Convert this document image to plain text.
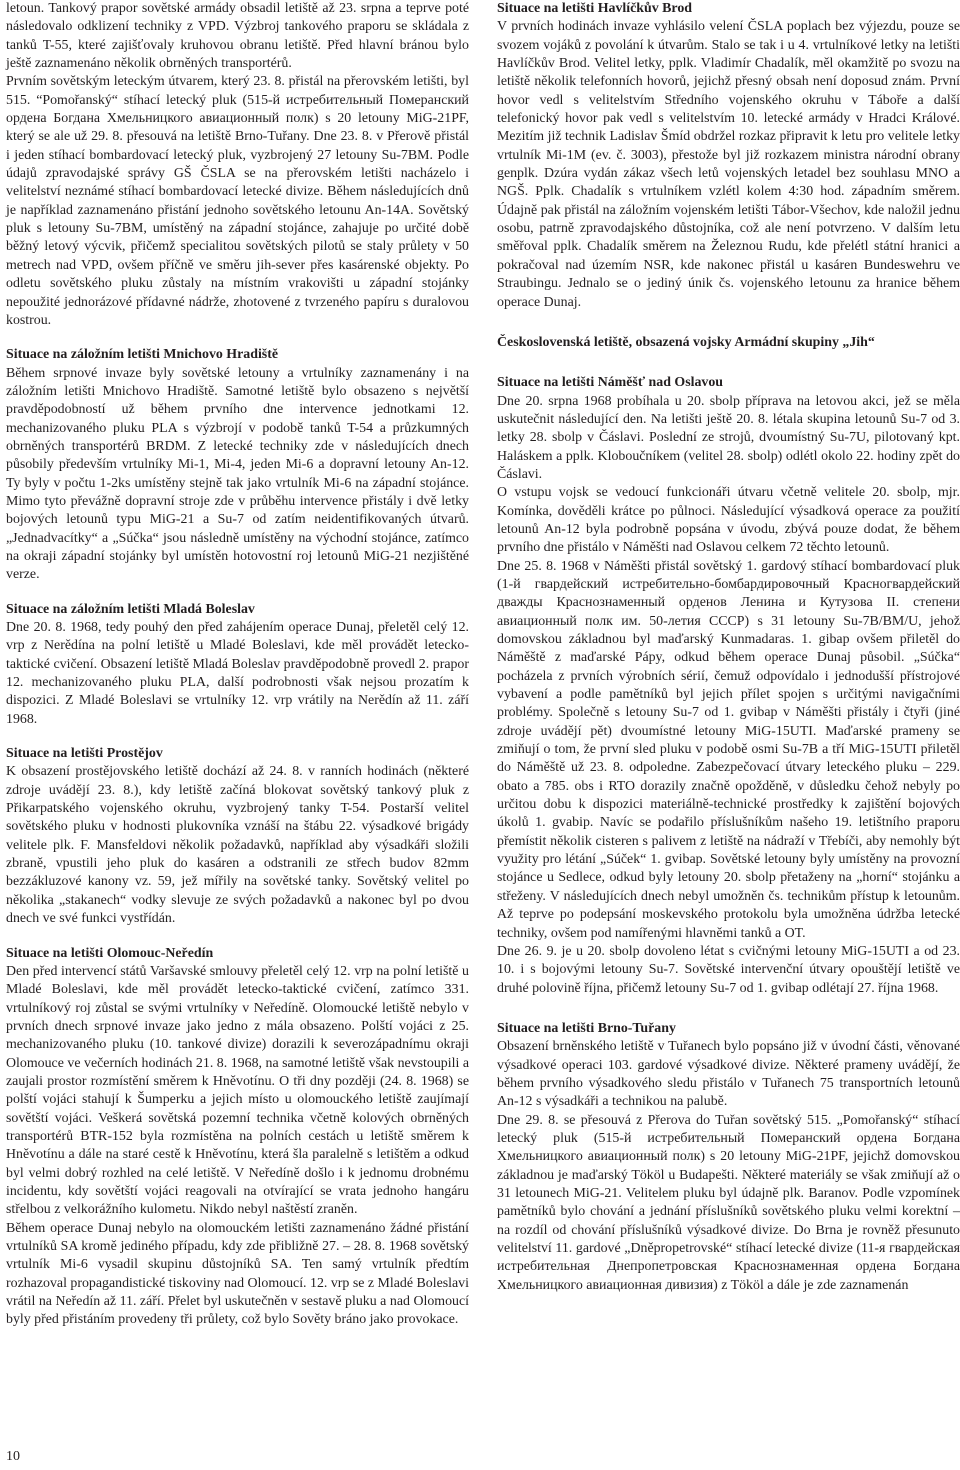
letoun. Tankový prapor sovětské armády obsadil letiště až 23. srpna a teprve poté následovalo odklizení techniky z VPD. Výzbroj tankového praporu se skládala z tanků T-55, které zajišťovaly kruhovou obranu letiště. Před hlavní bránou bylo ještě zaznamenáno několik obrněných transportérů.

Prvním sovětským leteckým útvarem, který 23. 8. přistál na přerovském letišti, byl 515. “Pomořanský“ stíhací letecký pluk (515-й истребительный Померанский ордена Богдана Хмельницкого авиационный полк) s 20 letouny MiG-21PF, který se ale už 29. 8. přesouvá na letiště Brno-Tuřany. Dne 23. 8. v Přerově přistál i jeden stíhací bombardovací letecký pluk, vyzbrojený 27 letouny Su-7BM. Podle údajů zpravodajské správy GŠ ČSLA se na přerovském letišti nacházelo i velitelství neznámé stíhací bombardovací letecké divize. Během následujících dnů je například zaznamenáno přistání jednoho sovětského letounu An-14A. Sovětský pluk s letouny Su-7BM, umístěný na západní stojánce, zahajuje po určité době běžný letový výcvik, přičemž specialitou sovětských pilotů se staly průlety v 50 metrech nad VPD, ovšem příčně ve směru jih-sever přes kasárenské objekty. Po odletu sovětského pluku zůstaly na místním vrakovišti u západní stojánky nepoužité jednorázové přídavné nádrže, zhotovené z tvrzeného papíru s duralovou kostrou.

Situace na záložním letišti Mnichovo Hradiště

Během srpnové invaze byly sovětské letouny a vrtulníky zaznamenány i na záložním letišti Mnichovo Hradiště. Samotné letiště bylo obsazeno s největší pravděpodobností už během prvního dne intervence jednotkami 12. mechanizovaného pluku PLA s výzbrojí v podobě tanků T-54 a průzkumných obrněných transportérů BRDM. Z letecké techniky zde v následujících dnech působily především vrtulníky Mi-1, Mi-4, jeden Mi-6 a dopravní letouny An-12. Ty byly v počtu 1-2ks umístěny stejně tak jako vrtulník Mi-6 na západní stojánce. Mimo tyto převážně dopravní stroje zde v průběhu intervence přistály i dvě letky bojových letounů typu MiG-21 a Su-7 od zatím neidentifikovaných útvarů. „Jednadvacítky“ a „Súčka“ jsou následně umístěny na východní stojánce, zatímco na okraji západní stojánky byl umístěn hotovostní roj letounů MiG-21 nezjištěné verze.

Situace na záložním letišti Mladá Boleslav

Dne 20. 8. 1968, tedy pouhý den před zahájením operace Dunaj, přeletěl celý 12. vrp z Nerědína na polní letiště u Mladé Boleslavi, kde měl provádět letecko-taktické cvičení. Obsazení letiště Mladá Boleslav pravděpodobně provedl 2. prapor 12. mechanizovaného pluku PLA, další podrobnosti však nejsou prozatím k dispozici. Z Mladé Boleslavi se vrtulníky 12. vrp vrátily na Nerědín až 11. září 1968.

Situace na letišti Prostějov

K obsazení prostějovského letiště dochází až 24. 8. v ranních hodinách (některé zdroje uvádějí 23. 8.), kdy letiště začíná blokovat sovětský tankový pluk z Přikarpatského vojenského okruhu, vyzbrojený tanky T-54. Postarší velitel sovětského pluku v hodnosti plukovníka vznáší na štábu 22. výsadkové brigády velitele plk. F. Mansfeldovi několik požadavků, například aby výsadkáři složili zbraně, vpustili jeho pluk do kasáren a odstranili ze střech budov 82mm bezzákluzové kanony vz. 59, jež mířily na sovětské tanky. Sovětský velitel po několika „stakanech“ vodky slevuje ze svých požadavků a nakonec byl po dvou dnech ve své funkci vystřídán.

Situace na letišti Olomouc-Neředín

Den před intervencí států Varšavské smlouvy přeletěl celý 12. vrp na polní letiště u Mladé Boleslavi, kde měl provádět letecko-taktické cvičení, zatímco 331. vrtulníkový roj zůstal se svými vrtulníky v Neředíně. Olomoucké letiště nebylo v prvních dnech srpnové invaze jako jedno z mála obsazeno. Polští vojáci z 25. mechanizovaného pluku (10. tankové divize) dorazili k severozápadnímu okraji Olomouce ve večerních hodinách 21. 8. 1968, na samotné letiště však nevstoupili a zaujali prostor rozmístění směrem k Hněvotínu. O tři dny později (24. 8. 1968) se polští vojáci stahují k Šumperku a jejich místo u olomouckého letiště zaujímají sovětští vojáci. Veškerá sovětská pozemní technika včetně kolových obrněných transportérů BTR-152 byla rozmístěna na polních cestách u letiště směrem k Hněvotínu a dále na staré cestě k Hněvotínu, která šla paralelně s letištěm a odkud byl velmi dobrý rozhled na celé letiště. V Neředíně došlo i k jednomu drobnému incidentu, kdy sovětští vojáci reagovali na otvírající se vrata jednoho hangáru střelbou z velkorážního kulometu. Nikdo nebyl naštěstí zraněn.

Během operace Dunaj nebylo na olomouckém letišti zaznamenáno žádné přistání vrtulníků SA kromě jediného případu, kdy zde přibližně 27. – 28. 8. 1968 sovětský vrtulník Mi-6 vysadil skupinu důstojníků SA. Ten samý vrtulník předtím rozhazoval propagandistické tiskoviny nad Olomoucí. 12. vrp se z Mladé Boleslavi vrátil na Neředín až 11. září. Přelet byl uskutečněn v sestavě pluku a nad Olomoucí byly před přistáním provedeny tři průlety, což bylo Sověty bráno jako provokace.

Situace na letišti Havlíčkův Brod

V prvních hodinách invaze vyhlásilo velení ČSLA poplach bez výjezdu, pouze se svozem vojáků z povolání k útvarům. Stalo se tak i u 4. vrtulníkové letky na letišti Havlíčkův Brod. Velitel letky, pplk. Vladimír Chadalík, měl okamžitě po svozu na letiště několik telefonních hovorů, jejichž přesný obsah není doposud znám. První hovor vedl s velitelstvím Středního vojenského okruhu v Táboře a další telefonický hovor pak vedl s velitelstvím 10. letecké armády v Hradci Králové. Mezitím již technik Ladislav Šmíd obdržel rozkaz připravit k letu pro velitele letky vrtulník Mi-1M (ev. č. 3003), přestože byl již rozkazem ministra národní obrany genplk. Dzúra vydán zákaz všech letů vojenských letadel bez souhlasu MNO a NGŠ. Pplk. Chadalík s vrtulníkem vzlétl kolem 4:30 hod. západním směrem. Údajně pak přistál na záložním vojenském letišti Tábor-Všechov, kde naložil jednu osobu, patrně zpravodajského důstojníka, což ale není potvrzeno. V dalším letu směřoval pplk. Chadalík směrem na Železnou Rudu, kde přelétl státní hranici a pokračoval nad územím NSR, kde nakonec přistál u kasáren Bundeswehru ve Straubingu. Jednalo se o jediný únik čs. vojenského letounu za hranice během operace Dunaj.

Československá letiště, obsazená vojsky Armádní skupiny „Jih“

Situace na letišti Náměšť nad Oslavou

Dne 20. srpna 1968 probíhala u 20. sbolp příprava na letovou akci, jež se měla uskutečnit následující den. Na letišti ještě 20. 8. létala skupina letounů Su-7 od 3. letky 28. sbolp v Čáslavi. Poslední ze strojů, dvoumístný Su-7U, pilotovaný kpt. Haláskem a pplk. Kloboučníkem (velitel 28. sbolp) odlétl okolo 22. hodiny zpět do Čáslavi.

O vstupu vojsk se vedoucí funkcionáři útvaru včetně velitele 20. sbolp, mjr. Komínka, dověděli krátce po půlnoci. Následující výsadková operace za použití letounů An-12 byla podrobně popsána v úvodu, zbývá pouze dodat, že během prvního dne přistálo v Náměšti nad Oslavou celkem 72 těchto letounů.

Dne 25. 8. 1968 v Náměšti přistál sovětský 1. gardový stíhací bombardovací pluk (1-й гвардейский истребительно-бомбардировочный Красногвардейский дважды Краснознаменный орденов Ленина и Кутузова II. степени авиационный полк им. 50-летия СССР) s 31 letouny Su-7B/BM/U, jehož domovskou základnou byl maďarský Kunmadaras. 1. gibap ovšem přiletěl do Náměště z maďarské Pápy, odkud během operace Dunaj působil. „Súčka“ pocházela z prvních výrobních sérií, čemuž odpovídalo i jednodušší přístrojové vybavení a podle pamětníků byl jejich přílet spojen s určitými navigačními problémy. Společně s letouny Su-7 od 1. gvibap v Náměšti přistály i čtyři (jiné zdroje uvádějí pět) dvoumístné letouny MiG-15UTI. Maďarské prameny se zmiňují o tom, že první sled pluku v podobě osmi Su-7B a tří MiG-15UTI přiletěl do Náměště už 23. 8. odpoledne. Zabezpečovací útvary leteckého pluku – 229. obato a 785. obs i RTO dorazily značně opožděně, v důsledku čehož nebyly po určitou dobu k dispozici materiálně-technické prostředky k zajištění bojových úkolů 1. gvabip. Navíc se podařilo příslušníkům našeho 19. letištního praporu přemístit několik cisteren s palivem z letiště na nádraží v Třebíči, aby nemohly být využity pro létání „Súček“ 1. gvibap. Sovětské letouny byly umístěny na provozní stojánce u Sedlece, odkud byly letouny 20. sbolp přetaženy na „horní“ stojánku a střeženy. V následujících dnech nebyl umožněn čs. technikům přístup k letounům. Až teprve po podepsání moskevského protokolu byla umožněna údržba letecké techniky, ovšem pod namířenými hlavněmi tanků a OT.

Dne 26. 9. je u 20. sbolp dovoleno létat s cvičnými letouny MiG-15UTI a od 23. 10. i s bojovými letouny Su-7. Sovětské intervenční útvary opouštějí letiště ve druhé polovině října, přičemž letouny Su-7 od 1. gvibap odlétají 27. října 1968.

Situace na letišti Brno-Tuřany

Obsazení brněnského letiště v Tuřanech bylo popsáno již v úvodní části, věnované výsadkové operaci 103. gardové výsadkové divize. Některé prameny uvádějí, že během prvního výsadkového sledu přistálo v Tuřanech 75 transportních letounů An-12 s výsadkáři a technikou na palubě.

Dne 29. 8. se přesouvá z Přerova do Tuřan sovětský 515. „Pomořanský“ stíhací letecký pluk (515-й истребительный Померанский ордена Богдана Хмельницкого авиационный полк) s 20 letouny MiG-21PF, jejichž domovskou základnou je maďarský Tököl u Budapešti. Některé materiály se však zmiňují až o 31 letounech MiG-21. Velitelem pluku byl údajně plk. Baranov. Podle vzpomínek pamětníků bylo chování a jednání příslušníků sovětského pluku velmi korektní – na rozdíl od chování příslušníků výsadkové divize. Do Brna je rovněž přesunuto velitelství 11. gardové „Dněpropetrovské“ stíhací letecké divize (11-я гвардейская истребительная Днепропетровская Краснознаменная ордена Богдана Хмельницкого авиационная дивизия) z Tököl a dále je zde zaznamenán

10
